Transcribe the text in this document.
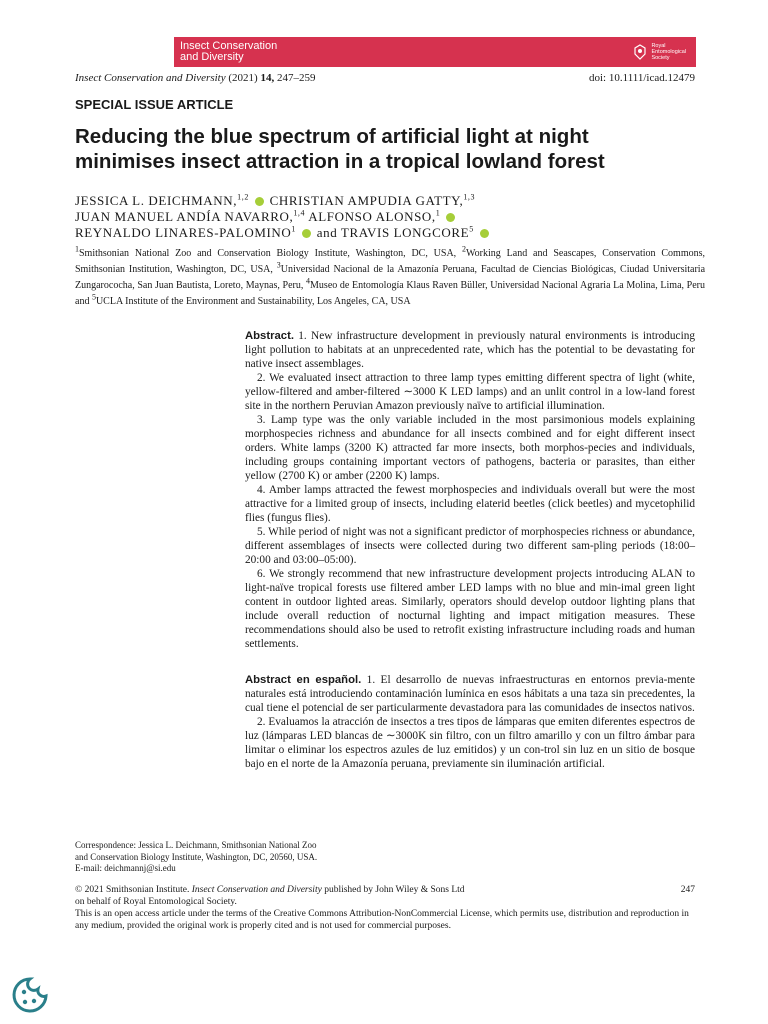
Insect Conservation
and Diversity
Royal
Entomological
Society
Insect Conservation and Diversity (2021) 14, 247–259	doi: 10.1111/icad.12479
SPECIAL ISSUE ARTICLE
Reducing the blue spectrum of artificial light at night
minimises insect attraction in a tropical lowland forest
JESSICA L. DEICHMANN,$^{1,2}$ CHRISTIAN AMPUDIA GATTY,$^{1,3}$
JUAN MANUEL ANDÍA NAVARRO,$^{1,4}$ ALFONSO ALONSO,$^1$
REYNALDO LINARES-PALOMINO$^1$ and TRAVIS LONGCORE$^5$
$^1$Smithsonian National Zoo and Conservation Biology Institute, Washington, DC, USA, $^2$Working Land and Seascapes, Conservation Commons, Smithsonian Institution, Washington, DC, USA, $^3$Universidad Nacional de la Amazonía Peruana, Facultad de Ciencias Biológicas, Ciudad Universitaria Zungarococha, San Juan Bautista, Loreto, Maynas, Peru, $^4$Museo de Entomología Klaus Raven Büller, Universidad Nacional Agraria La Molina, Lima, Peru and $^5$UCLA Institute of the Environment and Sustainability, Los Angeles, CA, USA

Abstract. 1. New infrastructure development in previously natural environments is introducing light pollution to habitats at an unprecedented rate, which has the potential to be devastating for native insect assemblages.

2. We evaluated insect attraction to three lamp types emitting different spectra of light (white, yellow-filtered and amber-filtered ∼3000 K LED lamps) and an unlit control in a low-land forest site in the northern Peruvian Amazon previously naïve to artificial illumination.

3. Lamp type was the only variable included in the most parsimonious models explaining morphospecies richness and abundance for all insects combined and for eight different insect orders. White lamps (3200 K) attracted far more insects, both morphos-pecies and individuals, including groups containing important vectors of pathogens, bacteria or parasites, than either yellow (2700 K) or amber (2200 K) lamps.

4. Amber lamps attracted the fewest morphospecies and individuals overall but were the most attractive for a limited group of insects, including elaterid beetles (click beetles) and mycetophilid flies (fungus flies).

5. While period of night was not a significant predictor of morphospecies richness or abundance, different assemblages of insects were collected during two different sam-pling periods (18:00–20:00 and 03:00–05:00).

6. We strongly recommend that new infrastructure development projects introducing ALAN to light-naïve tropical forests use filtered amber LED lamps with no blue and min-imal green light content in outdoor lighted areas. Similarly, operators should develop outdoor lighting plans that include overall reduction of nocturnal lighting and impact mitigation measures. These recommendations should also be used to retrofit existing infrastructure including roads and human settlements.

Abstract en español. 1. El desarrollo de nuevas infraestructuras en entornos previa-mente naturales está introduciendo contaminación lumínica en esos hábitats a una taza sin precedentes, la cual tiene el potencial de ser particularmente devastadora para las comunidades de insectos nativos.

2. Evaluamos la atracción de insectos a tres tipos de lámparas que emiten diferentes espectros de luz (lámparas LED blancas de ∼3000K sin filtro, con un filtro amarillo y con un filtro ámbar para limitar o eliminar los espectros azules de luz emitidos) y un con-trol sin luz en un sitio de bosque bajo en el norte de la Amazonía peruana, previamente sin iluminación artificial.

Correspondence: Jessica L. Deichmann, Smithsonian National Zoo
and Conservation Biology Institute, Washington, DC, 20560, USA.
E-mail: deichmannj@si.edu
© 2021 Smithsonian Institute. Insect Conservation and Diversity published by John Wiley & Sons Ltd	247
on behalf of Royal Entomological Society.
This is an open access article under the terms of the Creative Commons Attribution-NonCommercial License, which permits use, distribution and reproduction in any medium, provided the original work is properly cited and is not used for commercial purposes.
